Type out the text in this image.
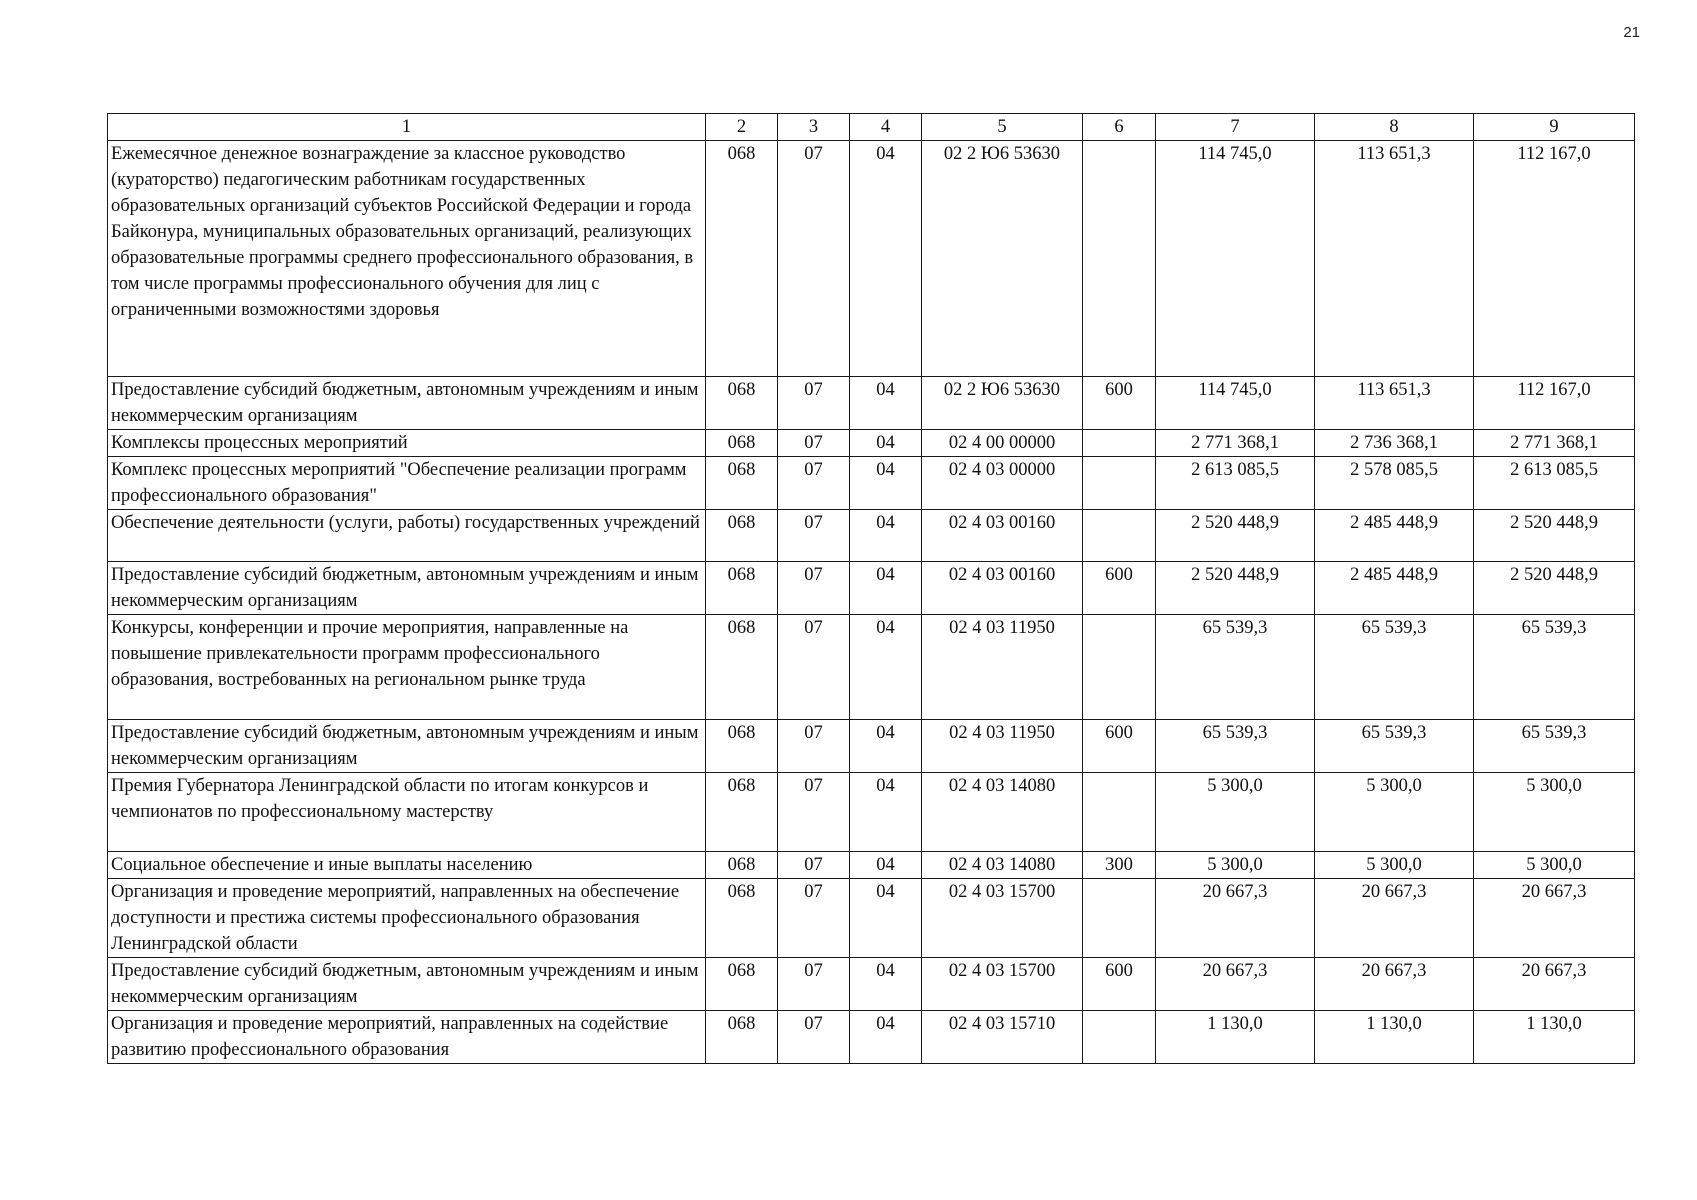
21
1	2	3	4	5	6	7	8	9
Ежемесячное денежное вознаграждение за классное руководство (кураторство) педагогическим работникам государственных образовательных организаций субъектов Российской Федерации и города Байконура, муниципальных образовательных организаций, реализующих образовательные программы среднего профессионального образования, в том числе программы профессионального обучения для лиц с ограниченными возможностями здоровья	068	07	04	02 2 Ю6 53630		114 745,0	113 651,3	112 167,0
Предоставление субсидий бюджетным, автономным учреждениям и иным некоммерческим организациям	068	07	04	02 2 Ю6 53630	600	114 745,0	113 651,3	112 167,0
Комплексы процессных мероприятий	068	07	04	02 4 00 00000		2 771 368,1	2 736 368,1	2 771 368,1
Комплекс процессных мероприятий "Обеспечение реализации программ профессионального образования"	068	07	04	02 4 03 00000		2 613 085,5	2 578 085,5	2 613 085,5
Обеспечение деятельности (услуги, работы) государственных учреждений	068	07	04	02 4 03 00160		2 520 448,9	2 485 448,9	2 520 448,9
Предоставление субсидий бюджетным, автономным учреждениям и иным некоммерческим организациям	068	07	04	02 4 03 00160	600	2 520 448,9	2 485 448,9	2 520 448,9
Конкурсы, конференции и прочие мероприятия, направленные на повышение привлекательности программ профессионального образования, востребованных на региональном рынке труда	068	07	04	02 4 03 11950		65 539,3	65 539,3	65 539,3
Предоставление субсидий бюджетным, автономным учреждениям и иным некоммерческим организациям	068	07	04	02 4 03 11950	600	65 539,3	65 539,3	65 539,3
Премия Губернатора Ленинградской области по итогам конкурсов и чемпионатов по профессиональному мастерству	068	07	04	02 4 03 14080		5 300,0	5 300,0	5 300,0
Социальное обеспечение и иные выплаты населению	068	07	04	02 4 03 14080	300	5 300,0	5 300,0	5 300,0
Организация и проведение мероприятий, направленных на обеспечение доступности и престижа системы профессионального образования Ленинградской области	068	07	04	02 4 03 15700		20 667,3	20 667,3	20 667,3
Предоставление субсидий бюджетным, автономным учреждениям и иным некоммерческим организациям	068	07	04	02 4 03 15700	600	20 667,3	20 667,3	20 667,3
Организация и проведение мероприятий, направленных на содействие развитию профессионального образования	068	07	04	02 4 03 15710		1 130,0	1 130,0	1 130,0
